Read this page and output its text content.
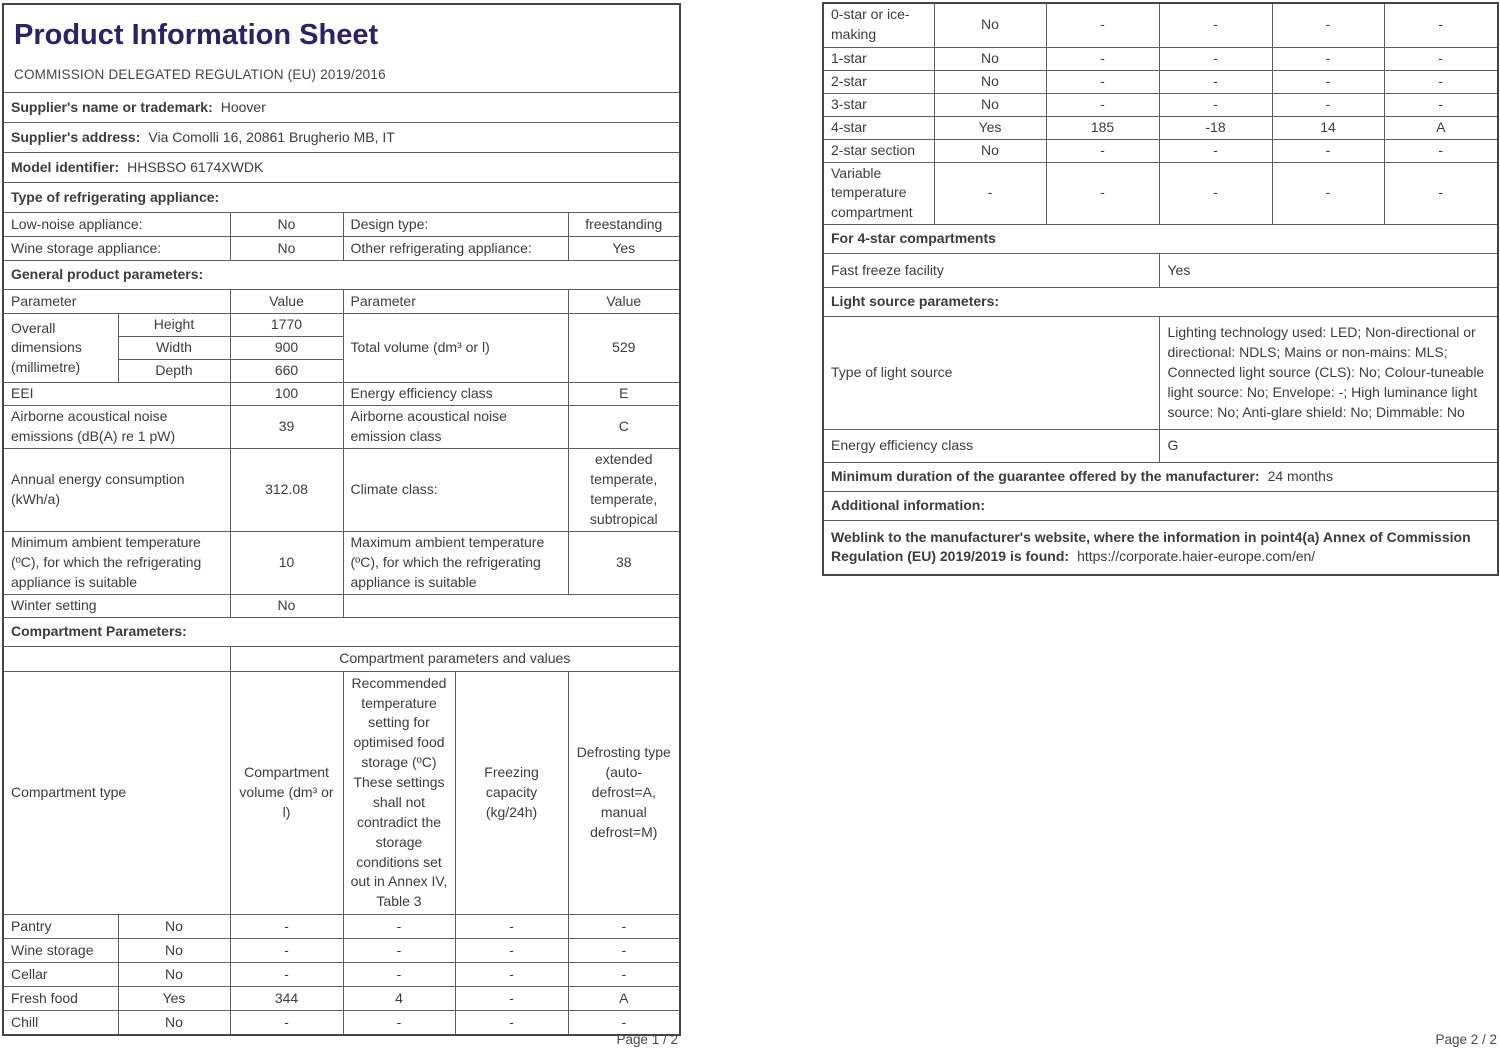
Product Information Sheet
COMMISSION DELEGATED REGULATION (EU) 2019/2016

Supplier's name or trademark: Hoover					
Supplier's address: Via Comolli 16, 20861 Brugherio MB, IT					
Model identifier: HHSBSO 6174XWDK					
Type of refrigerating appliance:					
Low-noise appliance:		No	Design type:		freestanding
Wine storage appliance:		No	Other refrigerating appliance:		Yes
General product parameters:					
Parameter		Value	Parameter		Value
Overall dimensions (millimetre)	Height	1770	Total volume (dm³ or l)		529
	Width	900			
	Depth	660			
EEI		100	Energy efficiency class		E
Airborne acoustical noise emissions (dB(A) re 1 pW)		39	Airborne acoustical noise emission class		C
Annual energy consumption (kWh/a)		312.08	Climate class:		extended temperate, temperate, subtropical
Minimum ambient temperature (ºC), for which the refrigerating appliance is suitable		10	Maximum ambient temperature (ºC), for which the refrigerating appliance is suitable		38
Winter setting		No			
Compartment Parameters:					
		Compartment parameters and values			
Compartment type		Compartment volume (dm³ or l)	Recommended temperature setting for optimised food storage (ºC) These settings shall not contradict the storage conditions set out in Annex IV, Table 3	Freezing capacity (kg/24h)	Defrosting type (auto-defrost=A, manual defrost=M)
Pantry	No	-	-	-	-
Wine storage	No	-	-	-	-
Cellar	No	-	-	-	-
Fresh food	Yes	344	4	-	A
Chill	No	-	-	-	-
0-star or ice-making	No	-	-	-	-
1-star	No	-	-	-	-
2-star	No	-	-	-	-
3-star	No	-	-	-	-
4-star	Yes	185	-18	14	A
2-star section	No	-	-	-	-
Variable temperature compartment	-	-	-	-	-
For 4-star compartments					
Fast freeze facility			Yes		
Light source parameters:					
Type of light source			Lighting technology used: LED; Non-directional or directional: NDLS; Mains or non-mains: MLS; Connected light source (CLS): No; Colour-tuneable light source: No; Envelope: -; High luminance light source: No; Anti-glare shield: No; Dimmable: No		
Energy efficiency class			G		
Minimum duration of the guarantee offered by the manufacturer: 24 months					
Additional information:					
Weblink to the manufacturer's website, where the information in point4(a) Annex of Commission Regulation (EU) 2019/2019 is found: https://corporate.haier-europe.com/en/					
Page 1 / 2	Page 2 / 2
